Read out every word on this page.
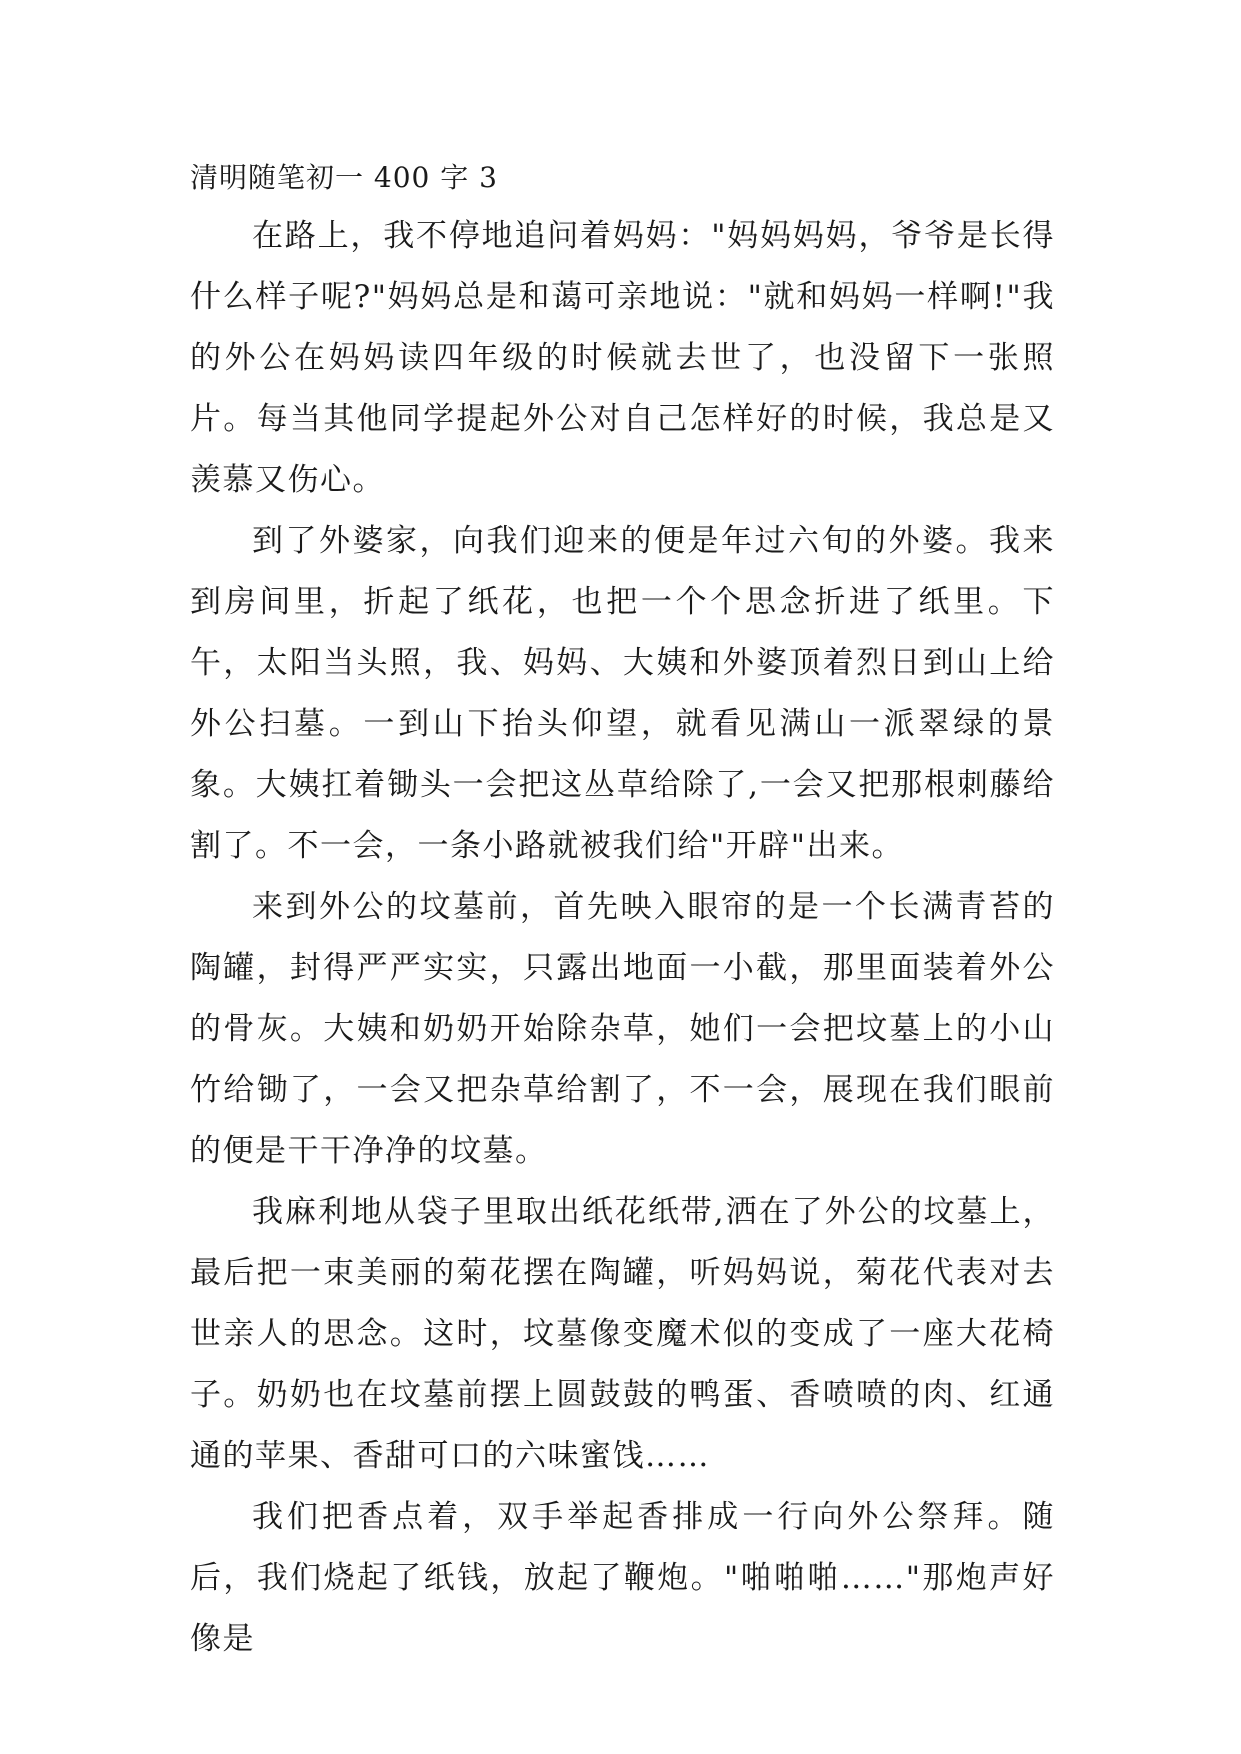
清明随笔初一 400 字 3

在路上，我不停地追问着妈妈："妈妈妈妈，爷爷是长得什么样子呢?"妈妈总是和蔼可亲地说："就和妈妈一样啊!"我的外公在妈妈读四年级的时候就去世了，也没留下一张照片。每当其他同学提起外公对自己怎样好的时候，我总是又羡慕又伤心。

到了外婆家，向我们迎来的便是年过六旬的外婆。我来到房间里，折起了纸花，也把一个个思念折进了纸里。下午，太阳当头照，我、妈妈、大姨和外婆顶着烈日到山上给外公扫墓。一到山下抬头仰望，就看见满山一派翠绿的景象。大姨扛着锄头一会把这丛草给除了,一会又把那根刺藤给割了。不一会，一条小路就被我们给"开辟"出来。

来到外公的坟墓前，首先映入眼帘的是一个长满青苔的陶罐，封得严严实实，只露出地面一小截，那里面装着外公的骨灰。大姨和奶奶开始除杂草，她们一会把坟墓上的小山竹给锄了，一会又把杂草给割了，不一会，展现在我们眼前的便是干干净净的坟墓。

我麻利地从袋子里取出纸花纸带,洒在了外公的坟墓上，最后把一束美丽的菊花摆在陶罐，听妈妈说，菊花代表对去世亲人的思念。这时，坟墓像变魔术似的变成了一座大花椅子。奶奶也在坟墓前摆上圆鼓鼓的鸭蛋、香喷喷的肉、红通通的苹果、香甜可口的六味蜜饯……

我们把香点着，双手举起香排成一行向外公祭拜。随后，我们烧起了纸钱，放起了鞭炮。"啪啪啪……"那炮声好像是
